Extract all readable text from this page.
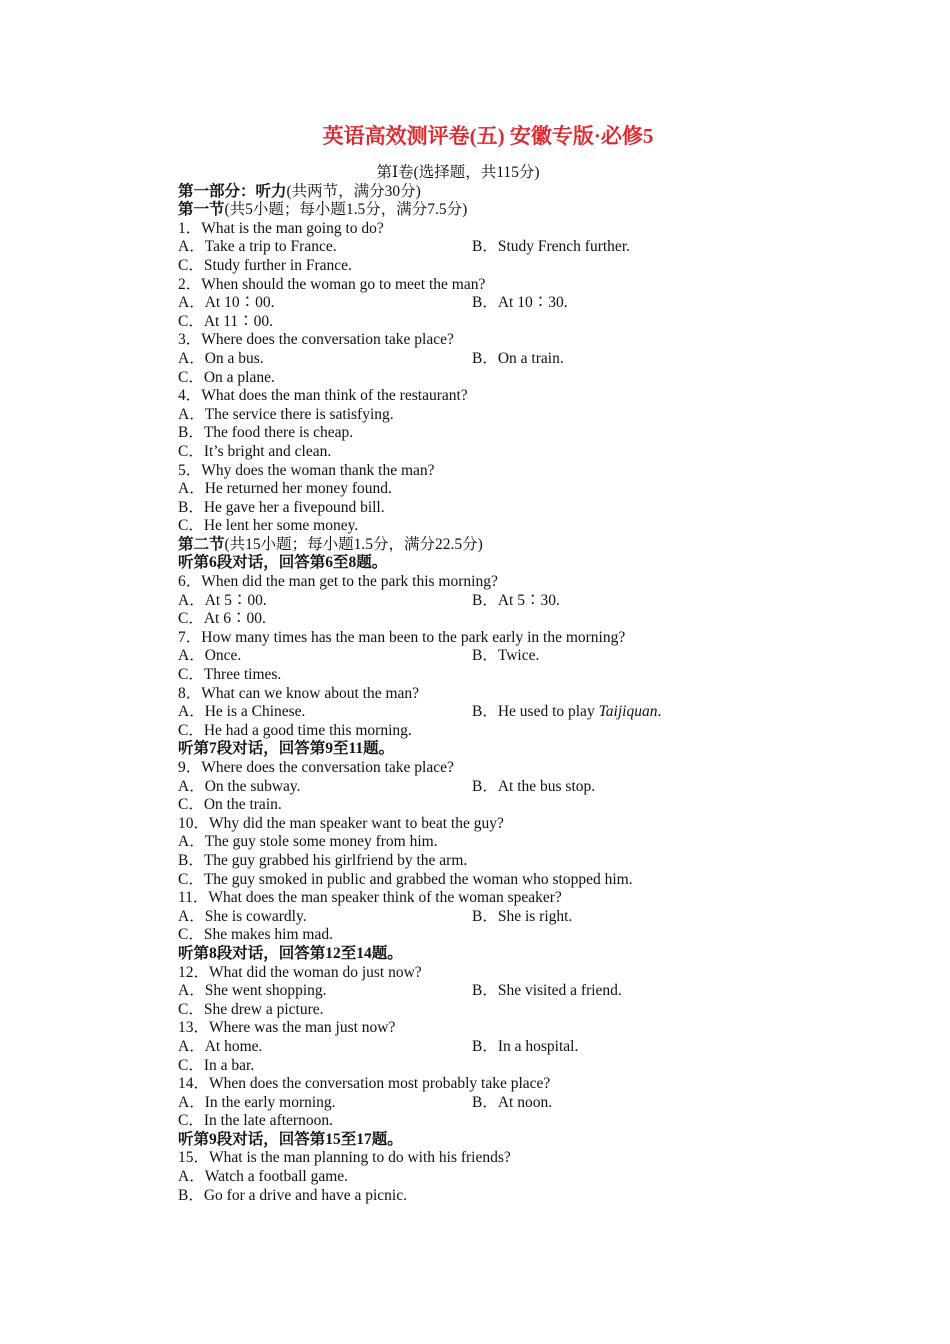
英语高效测评卷(五) 安徽专版·必修5
第Ⅰ卷(选择题，共115分)
第一部分：听力(共两节，满分30分)
第一节(共5小题；每小题1.5分，满分7.5分)
1．What is the man going to do?
A．Take a trip to France.	B．Study French further.
C．Study further in France.
2．When should the woman go to meet the man?
A．At 10∶00.	B．At 10∶30.
C．At 11∶00.
3．Where does the conversation take place?
A．On a bus.	B．On a train.
C．On a plane.
4．What does the man think of the restaurant?
A．The service there is satisfying.
B．The food there is cheap.
C．It’s bright and clean.
5．Why does the woman thank the man?
A．He returned her money found.
B．He gave her a fivepound bill.
C．He lent her some money.
第二节(共15小题；每小题1.5分，满分22.5分)
听第6段对话，回答第6至8题。
6．When did the man get to the park this morning?
A．At 5∶00.	B．At 5∶30.
C．At 6∶00.
7．How many times has the man been to the park early in the morning?
A．Once.	B．Twice.
C．Three times.
8．What can we know about the man?
A．He is a Chinese.	B．He used to play Taijiquan.
C．He had a good time this morning.
听第7段对话，回答第9至11题。
9．Where does the conversation take place?
A．On the subway.	B．At the bus stop.
C．On the train.
10．Why did the man speaker want to beat the guy?
A．The guy stole some money from him.
B．The guy grabbed his girlfriend by the arm.
C．The guy smoked in public and grabbed the woman who stopped him.
11．What does the man speaker think of the woman speaker?
A．She is cowardly.	B．She is right.
C．She makes him mad.
听第8段对话，回答第12至14题。
12．What did the woman do just now?
A．She went shopping.	B．She visited a friend.
C．She drew a picture.
13．Where was the man just now?
A．At home.	B．In a hospital.
C．In a bar.
14．When does the conversation most probably take place?
A．In the early morning.	B．At noon.
C．In the late afternoon.
听第9段对话，回答第15至17题。
15．What is the man planning to do with his friends?
A．Watch a football game.
B．Go for a drive and have a picnic.
